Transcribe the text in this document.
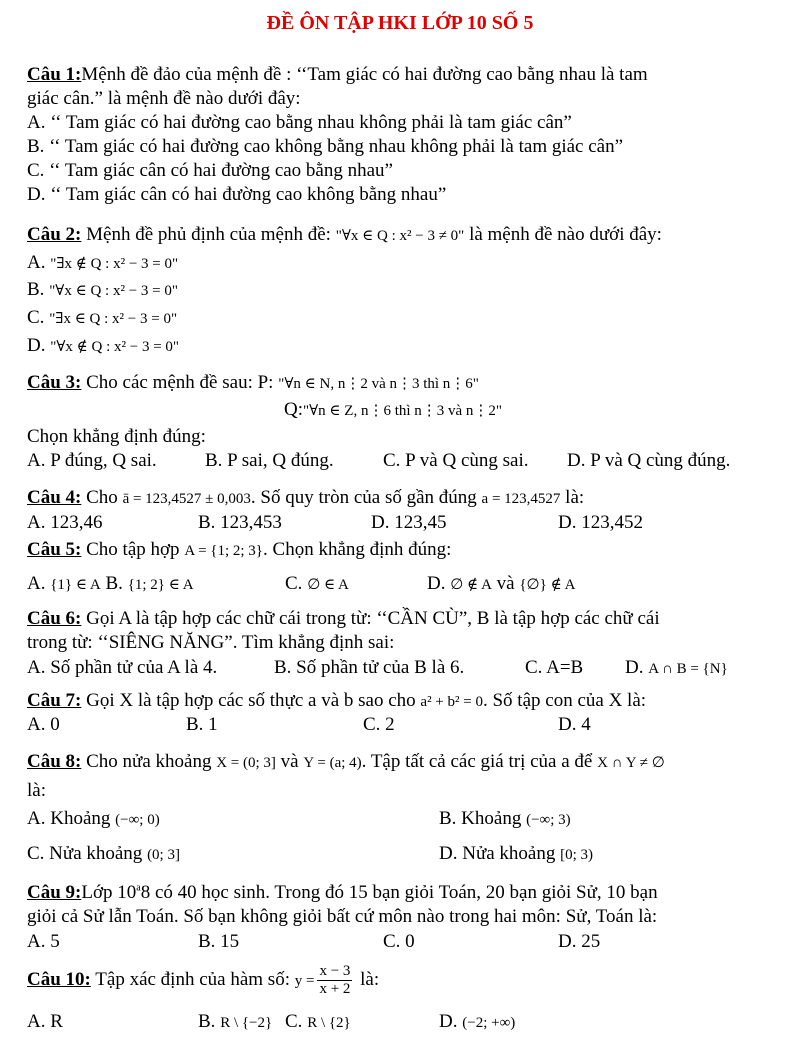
ĐỀ ÔN TẬP HKI LỚP 10 SỐ 5
Câu 1:Mệnh đề đảo của mệnh đề : ‘‘Tam giác có hai đường cao bằng nhau là tam
giác cân.” là mệnh đề nào dưới đây:
A. ‘‘ Tam giác có hai đường cao bằng nhau không phải là tam giác cân”
B. ‘‘ Tam giác có hai đường cao không bằng nhau không phải là tam giác cân”
C. ‘‘ Tam giác cân có hai đường cao bằng nhau”
D. ‘‘ Tam giác cân có hai đường cao không bằng nhau”
Câu 2: Mệnh đề phủ định của mệnh đề: "∀x ∈ Q : x² − 3 ≠ 0" là mệnh đề nào dưới đây:
A. "∃x ∉ Q : x² − 3 = 0"
B. "∀x ∈ Q : x² − 3 = 0"
C. "∃x ∈ Q : x² − 3 = 0"
D. "∀x ∉ Q : x² − 3 = 0"
Câu 3: Cho các mệnh đề sau: P: "∀n ∈ N, n⋮2 và n⋮3 thì n⋮6"
Q:"∀n ∈ Z, n⋮6 thì n⋮3 và n⋮2"
Chọn khẳng định đúng:
A. P đúng, Q sai.	B. P sai, Q đúng.	C. P và Q cùng sai. D. P và Q cùng đúng.
Câu 4: Cho ā = 123,4527 ± 0,003. Số quy tròn của số gần đúng a = 123,4527 là:
A. 123,46	B. 123,453	D. 123,45	D. 123,452
Câu 5: Cho tập hợp A = {1; 2; 3}. Chọn khẳng định đúng:
A. {1} ∈ A B. {1; 2} ∈ A	C. ∅ ∈ A	D. ∅ ∉ A và {∅} ∉ A
Câu 6: Gọi A là tập hợp các chữ cái trong từ: ‘‘CẦN CÙ”, B là tập hợp các chữ cái
trong từ: ‘‘SIÊNG NĂNG”. Tìm khẳng định sai:
A. Số phần tử của A là 4.	B. Số phần tử của B là 6.	C. A=B D. A ∩ B = {N}
Câu 7: Gọi X là tập hợp các số thực a và b sao cho a² + b² = 0. Số tập con của X là:
A. 0	B. 1	C. 2	D. 4
Câu 8: Cho nửa khoảng X = (0; 3] và Y = (a; 4). Tập tất cả các giá trị của a để X ∩ Y ≠ ∅
là:
A. Khoảng (−∞; 0)	B. Khoảng (−∞; 3)
C. Nửa khoảng (0; 3]	D. Nửa khoảng [0; 3)
Câu 9:Lớp 10$^a$8 có 40 học sinh. Trong đó 15 bạn giỏi Toán, 20 bạn giỏi Sử, 10 bạn
giỏi cả Sử lẫn Toán. Số bạn không giỏi bất cứ môn nào trong hai môn: Sử, Toán là:
A. 5	B. 15	C. 0	D. 25
Câu 10: Tập xác định của hàm số: $y = \frac{x - 3}{x + 2}$ là:
A. R	B. R \ {−2} C. R \ {2}	D. (−2; +∞)
